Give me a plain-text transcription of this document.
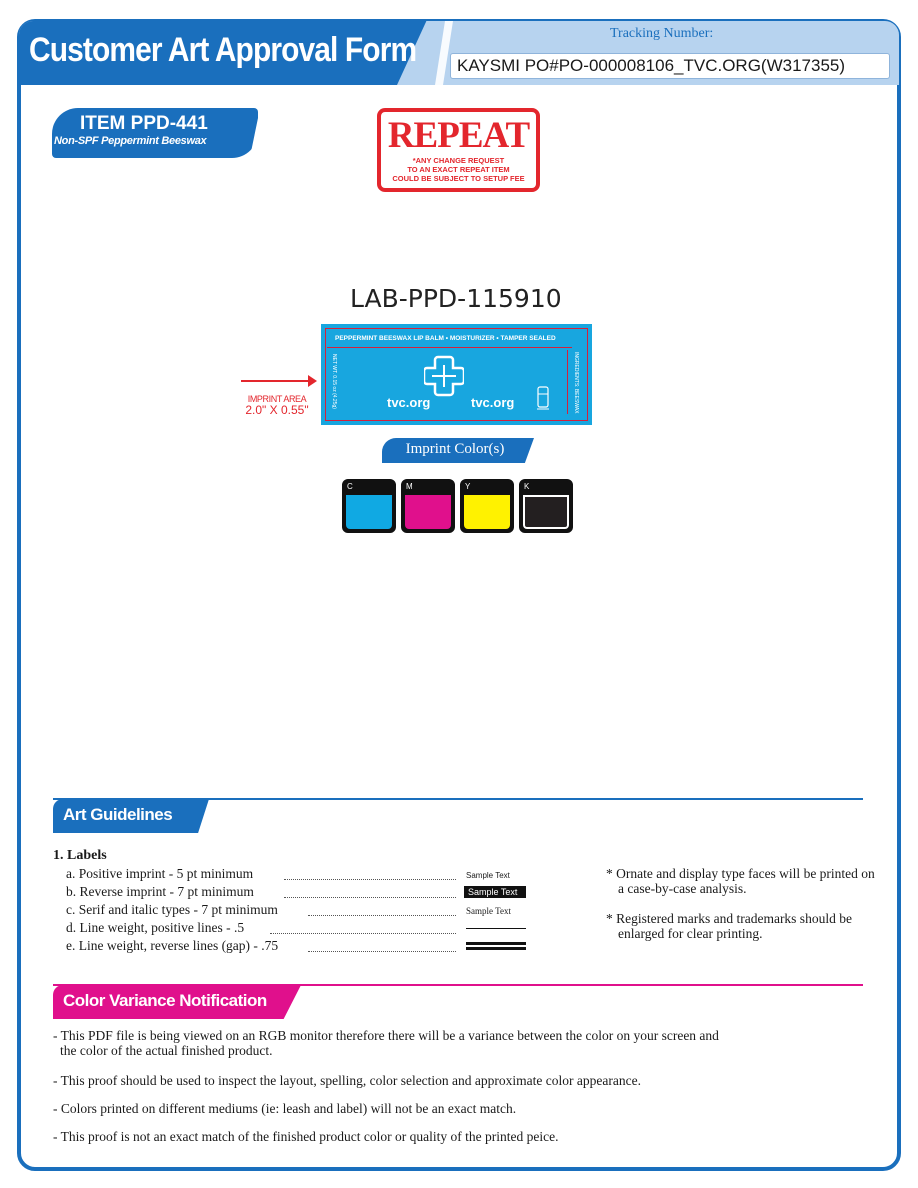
Customer Art Approval Form	Tracking Number:
KAYSMI PO#PO-000008106_TVC.ORG(W317355)
ITEM PPD-441
Non-SPF Peppermint Beeswax	REPEAT
*ANY CHANGE REQUEST
TO AN EXACT REPEAT ITEM
COULD BE SUBJECT TO SETUP FEE
LAB-PPD-115910
PEPPERMINT BEESWAX LIP BALM • MOISTURIZER • TAMPER SEALED
tvc.org	tvc.org
NET WT. 0.15 oz (4.25g)	INGREDIENTS: BEESWAX
IMPRINT AREA
2.0" X 0.55"
Imprint Color(s)
C	M	Y	K
Art Guidelines
1. Labels
a. Positive imprint - 5 pt minimum	Sample Text
b. Reverse imprint - 7 pt minimum	Sample Text
c. Serif and italic types - 7 pt minimum	Sample Text
d. Line weight, positive lines - .5
e. Line weight, reverse lines (gap) - .75
* Ornate and display type faces will be printed on a case-by-case analysis.
* Registered marks and trademarks should be enlarged for clear printing.
Color Variance Notification
- This PDF file is being viewed on an RGB monitor therefore there will be a variance between the color on your screen and the color of the actual finished product.
- This proof should be used to inspect the layout, spelling, color selection and approximate color appearance.
- Colors printed on different mediums (ie: leash and label) will not be an exact match.
- This proof is not an exact match of the finished product color or quality of the printed peice.
